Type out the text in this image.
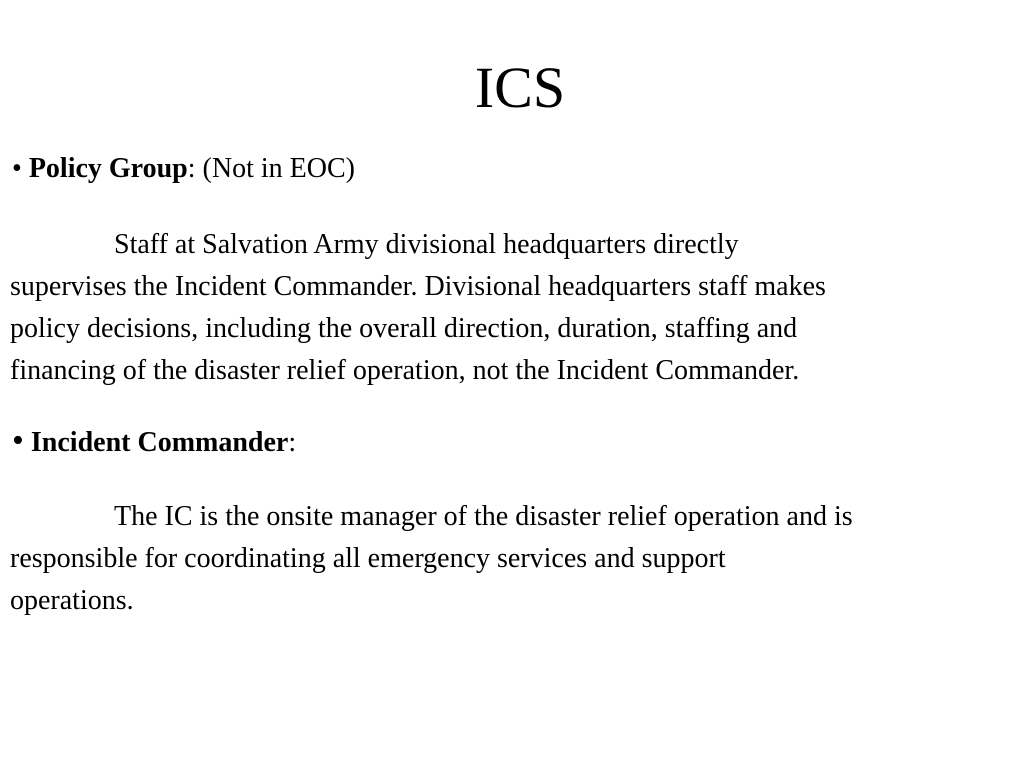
ICS
• Policy Group: (Not in EOC)

Staff at Salvation Army divisional headquarters directly
supervises the Incident Commander. Divisional headquarters staff makes
policy decisions, including the overall direction, duration, staffing and
financing of the disaster relief operation, not the Incident Commander.

• Incident Commander:

The IC is the onsite manager of the disaster relief operation and is
responsible for coordinating all emergency services and support
operations.
